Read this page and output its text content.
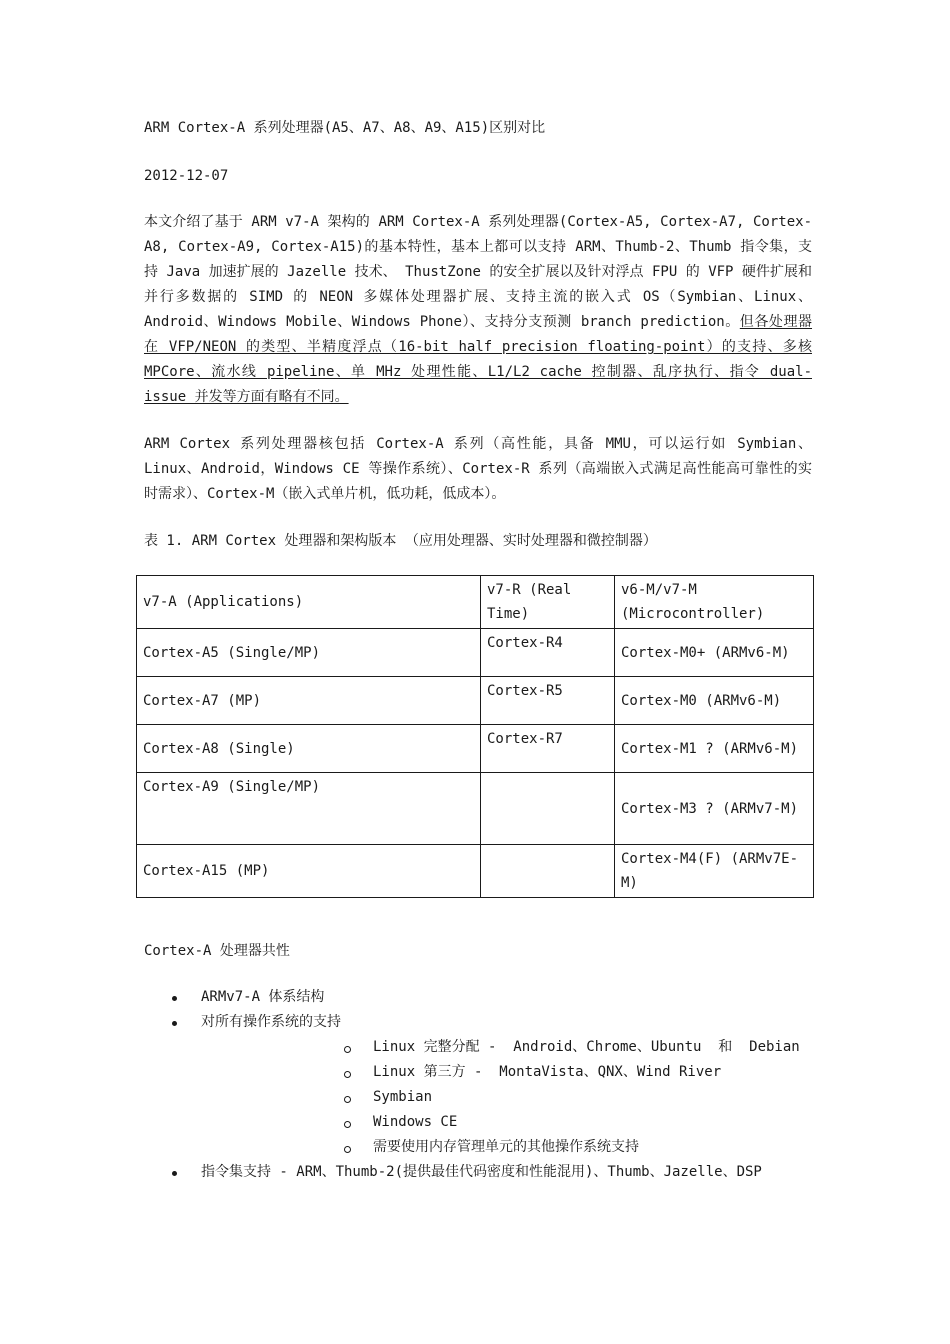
ARM Cortex-A 系列处理器(A5、A7、A8、A9、A15)区别对比
2012-12-07

本文介绍了基于 ARM v7-A 架构的 ARM Cortex-A 系列处理器(Cortex-A5, Cortex-A7, Cortex-A8, Cortex-A9, Cortex-A15)的基本特性，基本上都可以支持 ARM、Thumb-2、Thumb 指令集，支持 Java 加速扩展的 Jazelle 技术、 ThustZone 的安全扩展以及针对浮点 FPU 的 VFP 硬件扩展和并行多数据的 SIMD 的 NEON 多媒体处理器扩展、支持主流的嵌入式 OS（Symbian、Linux、Android、Windows Mobile、Windows Phone）、支持分支预测 branch prediction。但各处理器在 VFP/NEON 的类型、半精度浮点（16-bit half precision floating-point）的支持、多核 MPCore、流水线 pipeline、单 MHz 处理性能、L1/L2 cache 控制器、乱序执行、指令 dual-issue 并发等方面有略有不同。

ARM Cortex 系列处理器核包括 Cortex-A 系列（高性能，具备 MMU，可以运行如 Symbian、Linux、Android，Windows CE 等操作系统）、Cortex-R 系列（高端嵌入式满足高性能高可靠性的实时需求）、Cortex-M（嵌入式单片机，低功耗，低成本）。

表 1. ARM Cortex 处理器和架构版本 （应用处理器、实时处理器和微控制器）
v7-A (Applications)	v7-R (Real Time)	v6-M/v7-M (Microcontroller)
Cortex-A5 (Single/MP)	Cortex-R4	Cortex-M0+ (ARMv6-M)
Cortex-A7 (MP)	Cortex-R5	Cortex-M0 (ARMv6-M)
Cortex-A8 (Single)	Cortex-R7	Cortex-M1 ? (ARMv6-M)
Cortex-A9 (Single/MP)		Cortex-M3 ? (ARMv7-M)
Cortex-A15 (MP)		Cortex-M4(F) (ARMv7E-M)
Cortex-A 处理器共性
ARMv7-A 体系结构
对所有操作系统的支持
Linux 完整分配 -  Android、Chrome、Ubuntu  和  Debian
Linux 第三方 -  MontaVista、QNX、Wind River
Symbian
Windows CE
需要使用内存管理单元的其他操作系统支持
指令集支持 - ARM、Thumb-2(提供最佳代码密度和性能混用)、Thumb、Jazelle、DSP
